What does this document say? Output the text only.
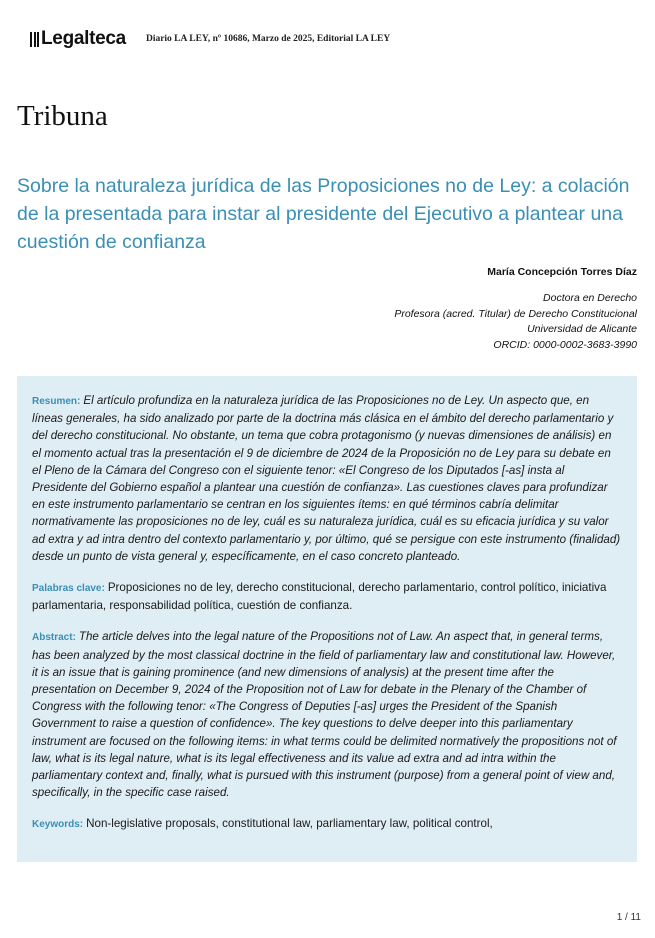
Legalteca Diario LA LEY, nº 10686, Marzo de 2025, Editorial LA LEY
Tribuna
Sobre la naturaleza jurídica de las Proposiciones no de Ley: a colación de la presentada para instar al presidente del Ejecutivo a plantear una cuestión de confianza
María Concepción Torres Díaz
Doctora en Derecho
Profesora (acred. Titular) de Derecho Constitucional
Universidad de Alicante
ORCID: 0000-0002-3683-3990

Resumen: El artículo profundiza en la naturaleza jurídica de las Proposiciones no de Ley. Un aspecto que, en líneas generales, ha sido analizado por parte de la doctrina más clásica en el ámbito del derecho parlamentario y del derecho constitucional. No obstante, un tema que cobra protagonismo (y nuevas dimensiones de análisis) en el momento actual tras la presentación el 9 de diciembre de 2024 de la Proposición no de Ley para su debate en el Pleno de la Cámara del Congreso con el siguiente tenor: «El Congreso de los Diputados [-as] insta al Presidente del Gobierno español a plantear una cuestión de confianza». Las cuestiones claves para profundizar en este instrumento parlamentario se centran en los siguientes ítems: en qué términos cabría delimitar normativamente las proposiciones no de ley, cuál es su naturaleza jurídica, cuál es su eficacia jurídica y su valor ad extra y ad intra dentro del contexto parlamentario y, por último, qué se persigue con este instrumento (finalidad) desde un punto de vista general y, específicamente, en el caso concreto planteado.

Palabras clave: Proposiciones no de ley, derecho constitucional, derecho parlamentario, control político, iniciativa parlamentaria, responsabilidad política, cuestión de confianza.

Abstract: The article delves into the legal nature of the Propositions not of Law. An aspect that, in general terms, has been analyzed by the most classical doctrine in the field of parliamentary law and constitutional law. However, it is an issue that is gaining prominence (and new dimensions of analysis) at the present time after the presentation on December 9, 2024 of the Proposition not of Law for debate in the Plenary of the Chamber of Congress with the following tenor: «The Congress of Deputies [-as] urges the President of the Spanish Government to raise a question of confidence». The key questions to delve deeper into this parliamentary instrument are focused on the following items: in what terms could be delimited normatively the propositions not of law, what is its legal nature, what is its legal effectiveness and its value ad extra and ad intra within the parliamentary context and, finally, what is pursued with this instrument (purpose) from a general point of view and, specifically, in the specific case raised.

Keywords: Non-legislative proposals, constitutional law, parliamentary law, political control,

1 / 11
